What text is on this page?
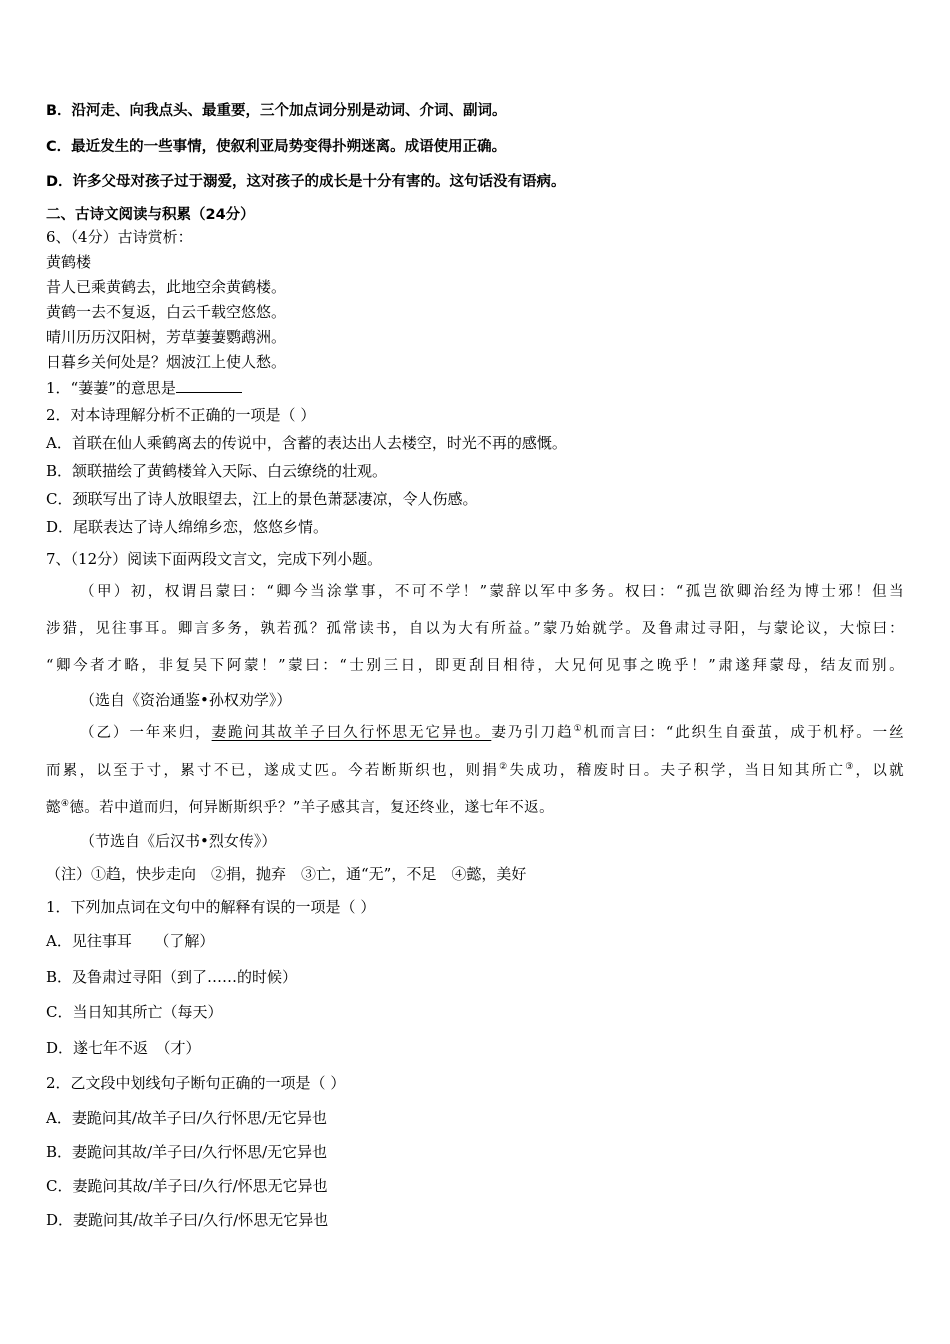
B．沿河走、向我点头、最重要，三个加点词分别是动词、介词、副词。
C．最近发生的一些事情，使叙利亚局势变得扑朔迷离。成语使用正确。
D．许多父母对孩子过于溺爱，这对孩子的成长是十分有害的。这句话没有语病。
二、古诗文阅读与积累（24分）
6、（4分）古诗赏析：
黄鹤楼
昔人已乘黄鹤去，此地空余黄鹤楼。
黄鹤一去不复返，白云千载空悠悠。
晴川历历汉阳树，芳草萋萋鹦鹉洲。
日暮乡关何处是？烟波江上使人愁。
1．“萋萋”的意思是
2．对本诗理解分析不正确的一项是（ ）
A．首联在仙人乘鹤离去的传说中，含蓄的表达出人去楼空，时光不再的感慨。
B．颔联描绘了黄鹤楼耸入天际、白云缭绕的壮观。
C．颈联写出了诗人放眼望去，江上的景色萧瑟凄凉，令人伤感。
D．尾联表达了诗人绵绵乡恋，悠悠乡情。
7、（12分）阅读下面两段文言文，完成下列小题。
（甲）初，权谓吕蒙曰：“卿今当涂掌事，不可不学！”蒙辞以军中多务。权曰：“孤岂欲卿治经为博士邪！但当
涉猎，见往事耳。卿言多务，孰若孤？孤常读书，自以为大有所益。”蒙乃始就学。及鲁肃过寻阳，与蒙论议，大惊曰：
“卿今者才略，非复吴下阿蒙！”蒙曰：“士别三日，即更刮目相待，大兄何见事之晚乎！”肃遂拜蒙母，结友而别。
（选自《资治通鉴•孙权劝学》）
（乙）一年来归，妻跪问其故羊子曰久行怀思无它异也。妻乃引刀趋①机而言曰：“此织生自蚕茧，成于机杼。一丝
而累，以至于寸，累寸不已，遂成丈匹。今若断斯织也，则捐②失成功，稽废时日。夫子积学，当日知其所亡③，以就
懿④德。若中道而归，何异断斯织乎？”羊子感其言，复还终业，遂七年不返。
（节选自《后汉书•烈女传》）
（注）①趋，快步走向　②捐，抛弃　③亡，通“无”，不足　④懿，美好
1．下列加点词在文句中的解释有误的一项是（ ）
A．见往事耳　　（了解）
B．及鲁肃过寻阳（到了……的时候）
C．当日知其所亡（每天）
D．遂七年不返　（才）
2．乙文段中划线句子断句正确的一项是（ ）
A．妻跪问其/故羊子曰/久行怀思/无它异也
B．妻跪问其故/羊子曰/久行怀思/无它异也
C．妻跪问其故/羊子曰/久行/怀思无它异也
D．妻跪问其/故羊子曰/久行/怀思无它异也
